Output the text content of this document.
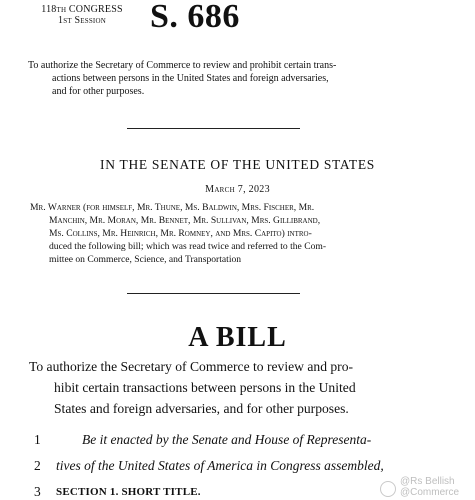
118th CONGRESS
1st Session	S. 686
To authorize the Secretary of Commerce to review and prohibit certain trans-
actions between persons in the United States and foreign adversaries,
and for other purposes.
IN THE SENATE OF THE UNITED STATES
March 7, 2023
Mr. Warner (for himself, Mr. Thune, Ms. Baldwin, Mrs. Fischer, Mr.
Manchin, Mr. Moran, Mr. Bennet, Mr. Sullivan, Mrs. Gillibrand,
Ms. Collins, Mr. Heinrich, Mr. Romney, and Mrs. Capito) intro-
duced the following bill; which was read twice and referred to the Com-
mittee on Commerce, Science, and Transportation
A BILL
To authorize the Secretary of Commerce to review and pro-
hibit certain transactions between persons in the United
States and foreign adversaries, and for other purposes.
1	Be it enacted by the Senate and House of Representa-
2 tives of the United States of America in Congress assembled,
3 SECTION 1. SHORT TITLE.
@Rs Bellish
@Commerce
